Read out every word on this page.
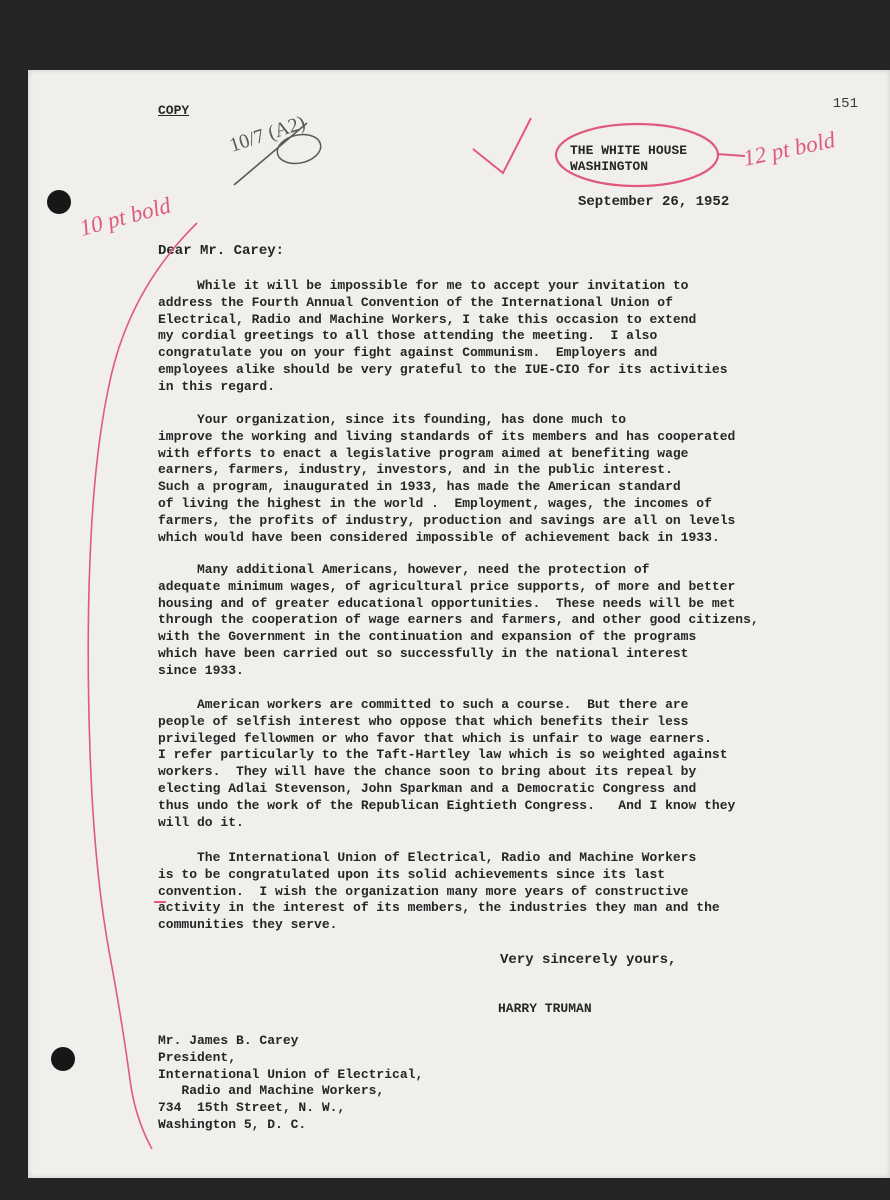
COPY	151
THE WHITE HOUSE
WASHINGTON
September 26, 1952
Dear Mr. Carey:
While it will be impossible for me to accept your invitation to
address the Fourth Annual Convention of the International Union of
Electrical, Radio and Machine Workers, I take this occasion to extend
my cordial greetings to all those attending the meeting.  I also
congratulate you on your fight against Communism.  Employers and
employees alike should be very grateful to the IUE-CIO for its activities
in this regard.
Your organization, since its founding, has done much to
improve the working and living standards of its members and has cooperated
with efforts to enact a legislative program aimed at benefiting wage
earners, farmers, industry, investors, and in the public interest.
Such a program, inaugurated in 1933, has made the American standard
of living the highest in the world .  Employment, wages, the incomes of
farmers, the profits of industry, production and savings are all on levels
which would have been considered impossible of achievement back in 1933.
Many additional Americans, however, need the protection of
adequate minimum wages, of agricultural price supports, of more and better
housing and of greater educational opportunities.  These needs will be met
through the cooperation of wage earners and farmers, and other good citizens,
with the Government in the continuation and expansion of the programs
which have been carried out so successfully in the national interest
since 1933.
American workers are committed to such a course.  But there are
people of selfish interest who oppose that which benefits their less
privileged fellowmen or who favor that which is unfair to wage earners.
I refer particularly to the Taft-Hartley law which is so weighted against
workers.  They will have the chance soon to bring about its repeal by
electing Adlai Stevenson, John Sparkman and a Democratic Congress and
thus undo the work of the Republican Eightieth Congress.   And I know they
will do it.
The International Union of Electrical, Radio and Machine Workers
is to be congratulated upon its solid achievements since its last
convention.  I wish the organization many more years of constructive
activity in the interest of its members, the industries they man and the
communities they serve.
Very sincerely yours,
HARRY TRUMAN
Mr. James B. Carey
President,
International Union of Electrical,
Radio and Machine Workers,
734  15th Street, N. W.,
Washington 5, D. C.
10/7 (A2)	12 pt bold
10 pt bold
